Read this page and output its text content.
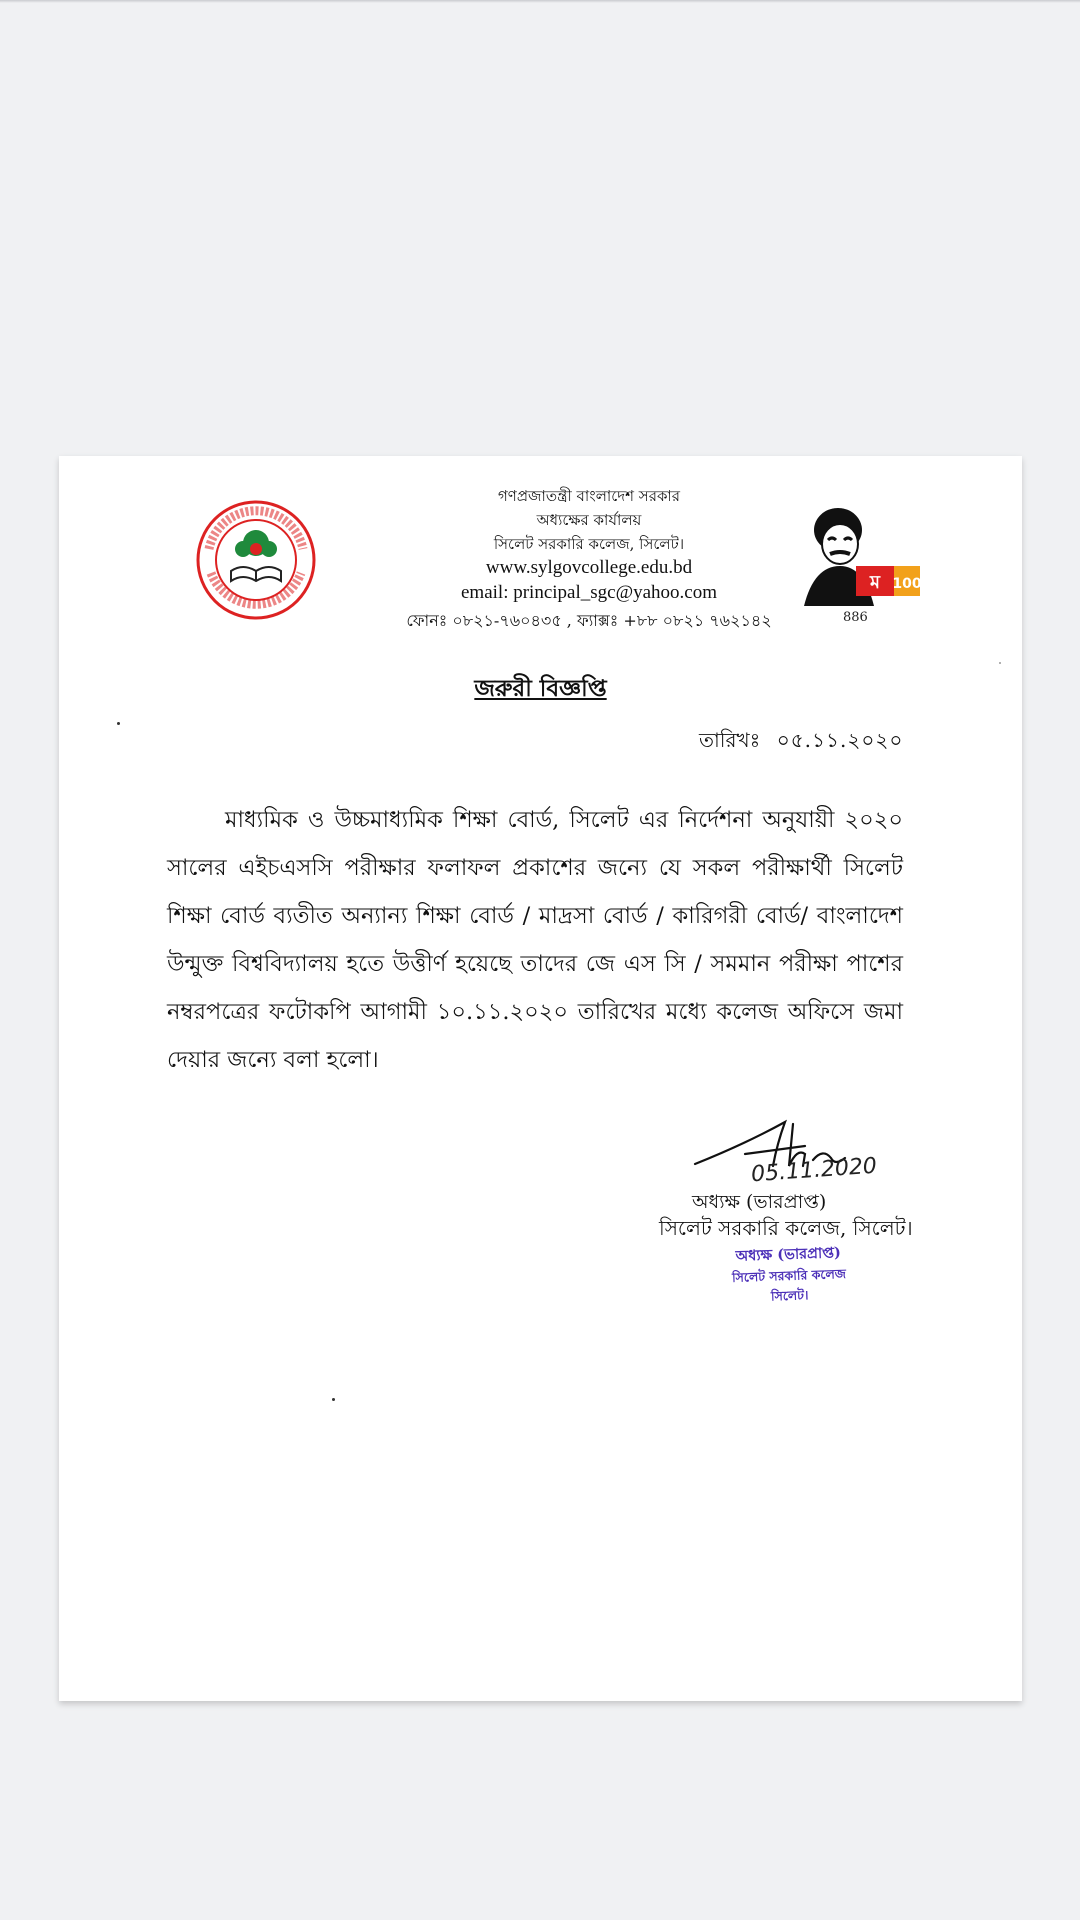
ম 100
886
গণপ্রজাতন্ত্রী বাংলাদেশ সরকার
অধ্যক্ষের কার্যালয়
সিলেট সরকারি কলেজ, সিলেট।
www.sylgovcollege.edu.bd
email: principal_sgc@yahoo.com
ফোনঃ ০৮২১-৭৬০৪৩৫ , ফ্যাক্সঃ +৮৮ ০৮২১ ৭৬২১৪২
জরুরী বিজ্ঞপ্তি
তারিখঃ ০৫.১১.২০২০
মাধ্যমিক ও উচ্চমাধ্যমিক শিক্ষা বোর্ড, সিলেট এর নির্দেশনা অনুযায়ী ২০২০ সালের এইচএসসি পরীক্ষার ফলাফল প্রকাশের জন্যে যে সকল পরীক্ষার্থী সিলেট শিক্ষা বোর্ড ব্যতীত অন্যান্য শিক্ষা বোর্ড / মাদ্রসা বোর্ড / কারিগরী বোর্ড/ বাংলাদেশ উন্মুক্ত বিশ্ববিদ্যালয় হতে উত্তীর্ণ হয়েছে তাদের জে এস সি / সমমান পরীক্ষা পাশের নম্বরপত্রের ফটোকপি আগামী ১০.১১.২০২০ তারিখের মধ্যে কলেজ অফিসে জমা দেয়ার জন্যে বলা হলো।
05.11.2020
অধ্যক্ষ (ভারপ্রাপ্ত)
সিলেট সরকারি কলেজ, সিলেট।
অধ্যক্ষ (ভারপ্রাপ্ত)
সিলেট সরকারি কলেজ
সিলেট।
